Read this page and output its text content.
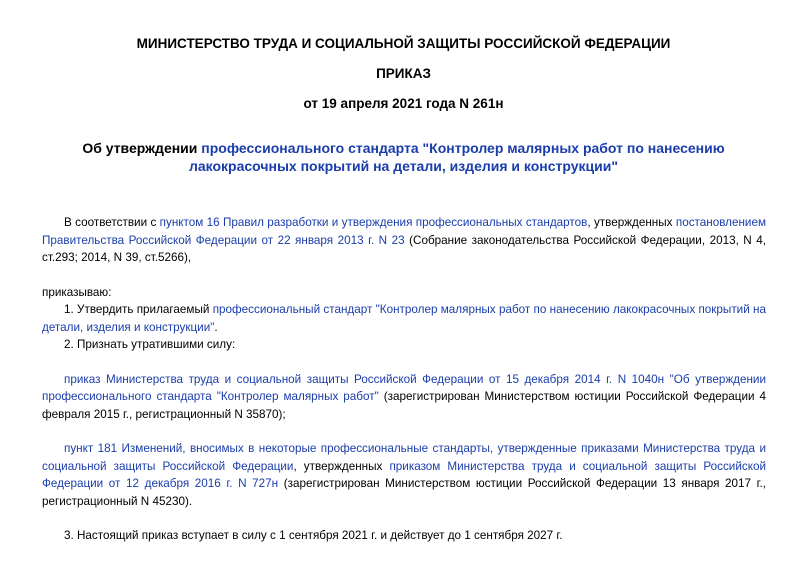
МИНИСТЕРСТВО ТРУДА И СОЦИАЛЬНОЙ ЗАЩИТЫ РОССИЙСКОЙ ФЕДЕРАЦИИ

ПРИКАЗ

от 19 апреля 2021 года N 261н

Об утверждении профессионального стандарта "Контролер малярных работ по нанесению лакокрасочных покрытий на детали, изделия и конструкции"

В соответствии с пунктом 16 Правил разработки и утверждения профессиональных стандартов, утвержденных постановлением Правительства Российской Федерации от 22 января 2013 г. N 23 (Собрание законодательства Российской Федерации, 2013, N 4, ст.293; 2014, N 39, ст.5266),

приказываю:

1. Утвердить прилагаемый профессиональный стандарт "Контролер малярных работ по нанесению лакокрасочных покрытий на детали, изделия и конструкции".

2. Признать утратившими силу:

приказ Министерства труда и социальной защиты Российской Федерации от 15 декабря 2014 г. N 1040н "Об утверждении профессионального стандарта "Контролер малярных работ" (зарегистрирован Министерством юстиции Российской Федерации 4 февраля 2015 г., регистрационный N 35870);

пункт 181 Изменений, вносимых в некоторые профессиональные стандарты, утвержденные приказами Министерства труда и социальной защиты Российской Федерации, утвержденных приказом Министерства труда и социальной защиты Российской Федерации от 12 декабря 2016 г. N 727н (зарегистрирован Министерством юстиции Российской Федерации 13 января 2017 г., регистрационный N 45230).

3. Настоящий приказ вступает в силу с 1 сентября 2021 г. и действует до 1 сентября 2027 г.
